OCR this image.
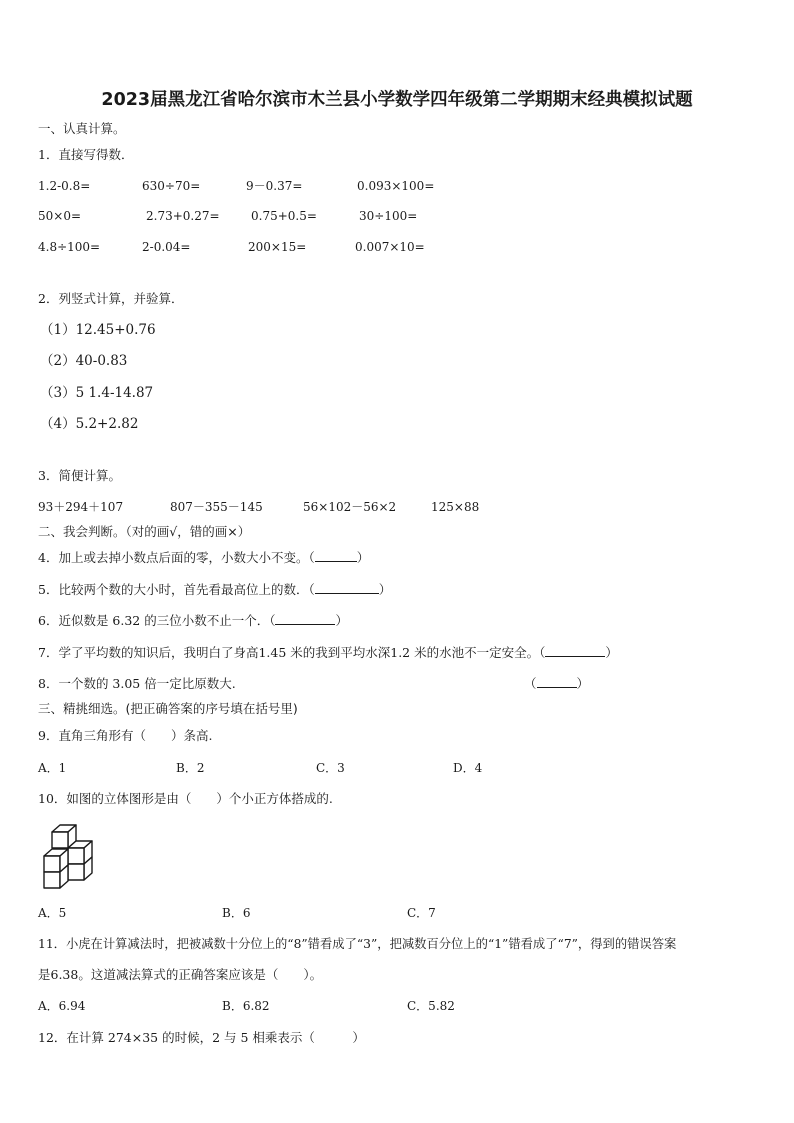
2023届黑龙江省哈尔滨市木兰县小学数学四年级第二学期期末经典模拟试题
一、认真计算。
1．直接写得数．
1.2-0.8=	630÷70=	9－0.37=	0.093×100=
50×0=	2.73+0.27=	0.75+0.5=	30÷100=
4.8÷100=	2-0.04=	200×15=	0.007×10=
2．列竖式计算，并验算．
（1）12.45+0.76
（2）40-0.83
（3）5 1.4-14.87
（4）5.2+2.82
3．简便计算。
93＋294＋107	807－355－145	56×102－56×2	125×88
二、我会判断。（对的画√，错的画×）
4．加上或去掉小数点后面的零，小数大小不变。（	）
5．比较两个数的大小时，首先看最高位上的数．（	）
6．近似数是 6.32 的三位小数不止一个．（	）
7．学了平均数的知识后，我明白了身高1.45 米的我到平均水深1.2 米的水池不一定安全。（	）
8．一个数的 3.05 倍一定比原数大.	（	）
三、精挑细选。(把正确答案的序号填在括号里)
9．直角三角形有（　　）条高.
A．1	B．2	C．3	D．4
10．如图的立体图形是由（　　）个小正方体搭成的.
A．5	B．6	C．7
11．小虎在计算减法时，把被减数十分位上的“8”错看成了“3”，把减数百分位上的“1”错看成了“7”，得到的错误答案
是6.38。这道减法算式的正确答案应该是（　　）。
A．6.94	B．6.82	C．5.82
12．在计算 274×35 的时候，2 与 5 相乘表示（　　　）
